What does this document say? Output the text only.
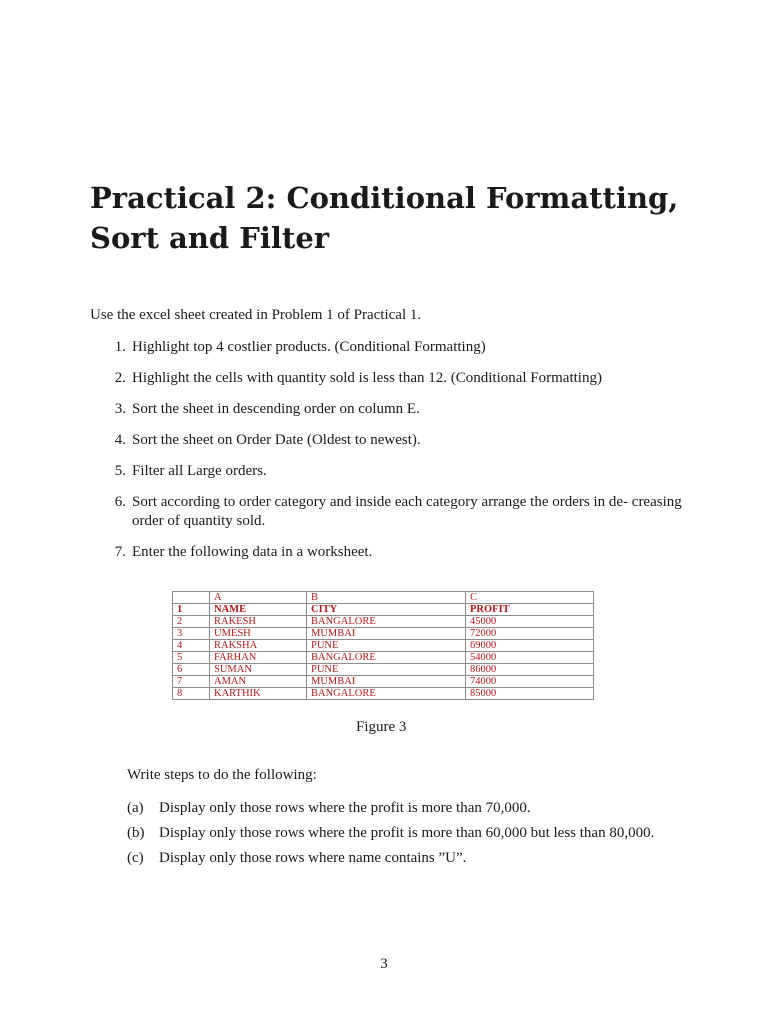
Practical 2: Conditional Formatting, Sort and Filter
Use the excel sheet created in Problem 1 of Practical 1.
1. Highlight top 4 costlier products. (Conditional Formatting)
2. Highlight the cells with quantity sold is less than 12. (Conditional Formatting)
3. Sort the sheet in descending order on column E.
4. Sort the sheet on Order Date (Oldest to newest).
5. Filter all Large orders.
6. Sort according to order category and inside each category arrange the orders in de- creasing order of quantity sold.
7. Enter the following data in a worksheet.
	A	B	C
1	NAME	CITY	PROFIT
2	RAKESH	BANGALORE	45000
3	UMESH	MUMBAI	72000
4	RAKSHA	PUNE	69000
5	FARHAN	BANGALORE	54000
6	SUMAN	PUNE	86000
7	AMAN	MUMBAI	74000
8	KARTHIK	BANGALORE	85000
Figure 3
Write steps to do the following:
(a)	Display only those rows where the profit is more than 70,000.
(b) Display only those rows where the profit is more than 60,000 but less than 80,000.
(c)	Display only those rows where name contains ”U”.
3
